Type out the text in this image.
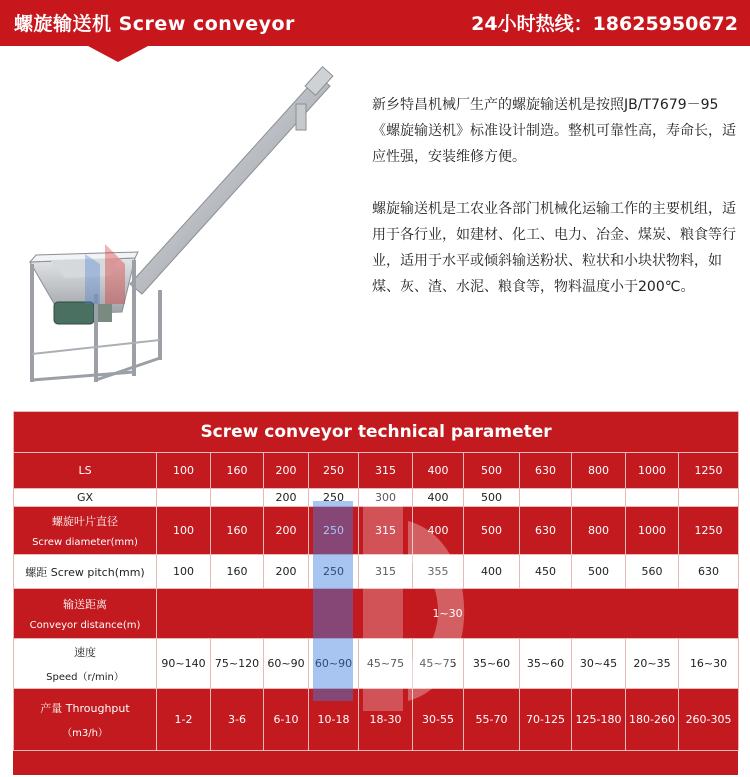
螺旋输送机 Screw conveyor	24小时热线：18625950672

新乡特昌机械厂生产的螺旋输送机是按照JB/T7679－95《螺旋输送机》标准设计制造。整机可靠性高，寿命长，适应性强，安装维修方便。

螺旋输送机是工农业各部门机械化运输工作的主要机组，适用于各行业，如建材、化工、电力、冶金、煤炭、粮食等行业，适用于水平或倾斜输送粉状、粒状和小块状物料，如煤、灰、渣、水泥、粮食等，物料温度小于200℃。

Screw conveyor technical parameter											
LS	100	160	200	250	315	400	500	630	800	1000	1250
GX			200	250	300	400	500				

螺旋叶片直径
Screw diameter(mm)	100	160	200	250	315	400	500	630	800	1000	1250
螺距 Screw pitch(mm)	100	160	200	250	315	355	400	450	500	560	630

输送距离
Conveyor distance(m)	1~30										

速度
Speed（r/min）	90~140	75~120	60~90	60~90	45~75	45~75	35~60	35~60	30~45	20~35	16~30

产量 Throughput
（m3/h）	1-2	3-6	6-10	10-18	18-30	30-55	55-70	70-125	125-180	180-260	260-305
